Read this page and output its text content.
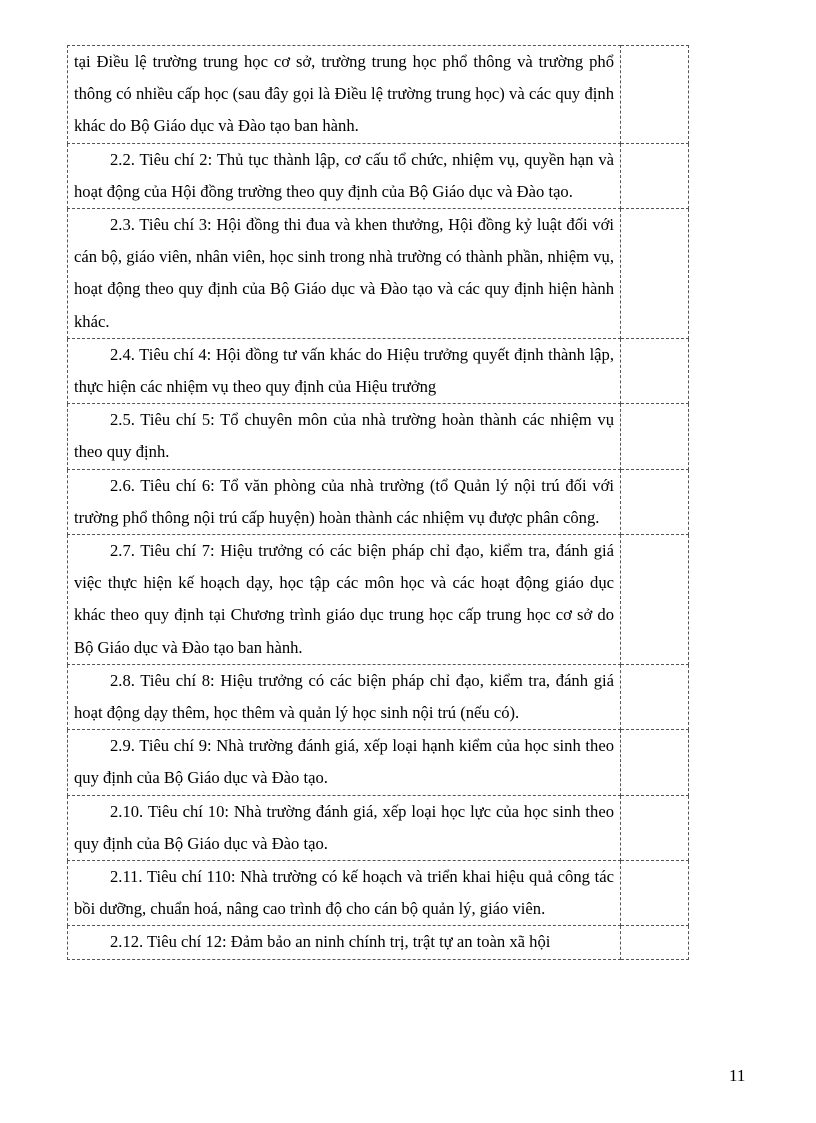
tại Điều lệ trường trung học cơ sở, trường trung học phổ thông và trường phổ thông có nhiều cấp học (sau đây gọi là Điều lệ trường trung học) và các quy định khác do Bộ Giáo dục và Đào tạo ban hành.	

2.2. Tiêu chí 2: Thủ tục thành lập, cơ cấu tổ chức, nhiệm vụ, quyền hạn và hoạt động của Hội đồng trường theo quy định của Bộ Giáo dục và Đào tạo.	

2.3. Tiêu chí 3: Hội đồng thi đua và khen thưởng, Hội đồng kỷ luật đối với cán bộ, giáo viên, nhân viên, học sinh trong nhà trường có thành phần, nhiệm vụ, hoạt động theo quy định của Bộ Giáo dục và Đào tạo và các quy định hiện hành khác.	

2.4. Tiêu chí 4: Hội đồng tư vấn khác do Hiệu trưởng quyết định thành lập, thực hiện các nhiệm vụ theo quy định của Hiệu trưởng	

2.5. Tiêu chí 5: Tổ chuyên môn của nhà trường hoàn thành các nhiệm vụ theo quy định.	

2.6. Tiêu chí 6: Tổ văn phòng của nhà trường (tổ Quản lý nội trú đối với trường phổ thông nội trú cấp huyện) hoàn thành các nhiệm vụ được phân công.	

2.7. Tiêu chí 7: Hiệu trưởng có các biện pháp chỉ đạo, kiểm tra, đánh giá việc thực hiện kế hoạch dạy, học tập các môn học và các hoạt động giáo dục khác theo quy định tại Chương trình giáo dục trung học cấp trung học cơ sở do Bộ Giáo dục và Đào tạo ban hành.	

2.8. Tiêu chí 8: Hiệu trưởng có các biện pháp chỉ đạo, kiểm tra, đánh giá hoạt động dạy thêm, học thêm và quản lý học sinh nội trú (nếu có).	

2.9. Tiêu chí 9: Nhà trường đánh giá, xếp loại hạnh kiểm của học sinh theo quy định của Bộ Giáo dục và Đào tạo.	

2.10. Tiêu chí 10: Nhà trường đánh giá, xếp loại học lực của học sinh theo quy định của Bộ Giáo dục và Đào tạo.	

2.11. Tiêu chí 110: Nhà trường có kế hoạch và triển khai hiệu quả công tác bồi dưỡng, chuẩn hoá, nâng cao trình độ cho cán bộ quản lý, giáo viên.	

2.12. Tiêu chí 12: Đảm bảo an ninh chính trị, trật tự an toàn xã hội	

11
